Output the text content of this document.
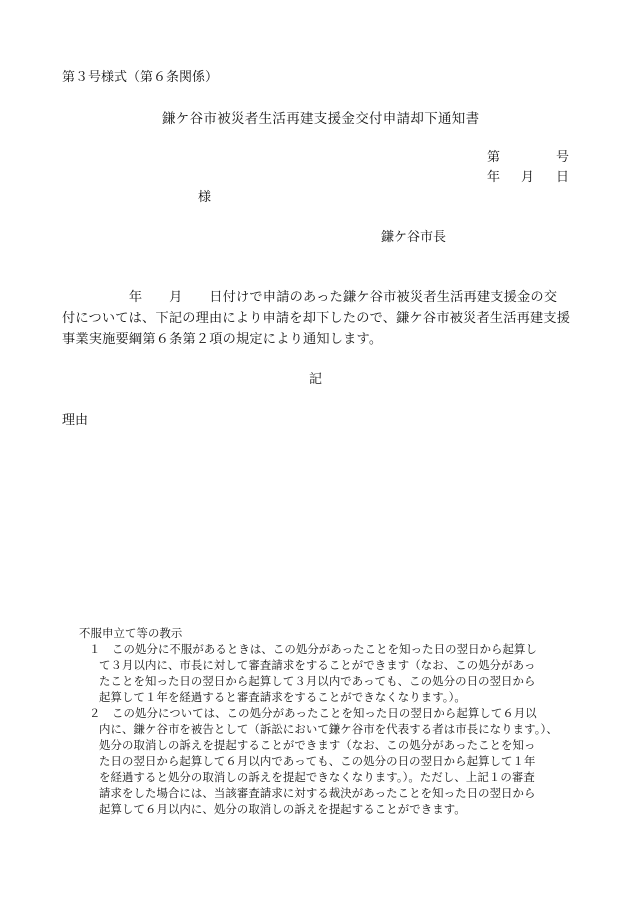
第３号様式（第６条関係）
鎌ケ谷市被災者生活再建支援金交付申請却下通知書
第	号
年 月 日
様
鎌ケ谷市長
　　　　　年　　月　　日付けで申請のあった鎌ケ谷市被災者生活再建支援金の交
付については、下記の理由により申請を却下したので、鎌ケ谷市被災者生活再建支援
事業実施要綱第６条第２項の規定により通知します。
記
理由
不服申立て等の教示
１　この処分に不服があるときは、この処分があったことを知った日の翌日から起算し
て３月以内に、市長に対して審査請求をすることができます（なお、この処分があっ
たことを知った日の翌日から起算して３月以内であっても、この処分の日の翌日から
起算して１年を経過すると審査請求をすることができなくなります。）。
２　この処分については、この処分があったことを知った日の翌日から起算して６月以
内に、鎌ケ谷市を被告として（訴訟において鎌ケ谷市を代表する者は市長になります。）、
処分の取消しの訴えを提起することができます（なお、この処分があったことを知っ
た日の翌日から起算して６月以内であっても、この処分の日の翌日から起算して１年
を経過すると処分の取消しの訴えを提起できなくなります。）。ただし、上記１の審査
請求をした場合には、当該審査請求に対する裁決があったことを知った日の翌日から
起算して６月以内に、処分の取消しの訴えを提起することができます。
